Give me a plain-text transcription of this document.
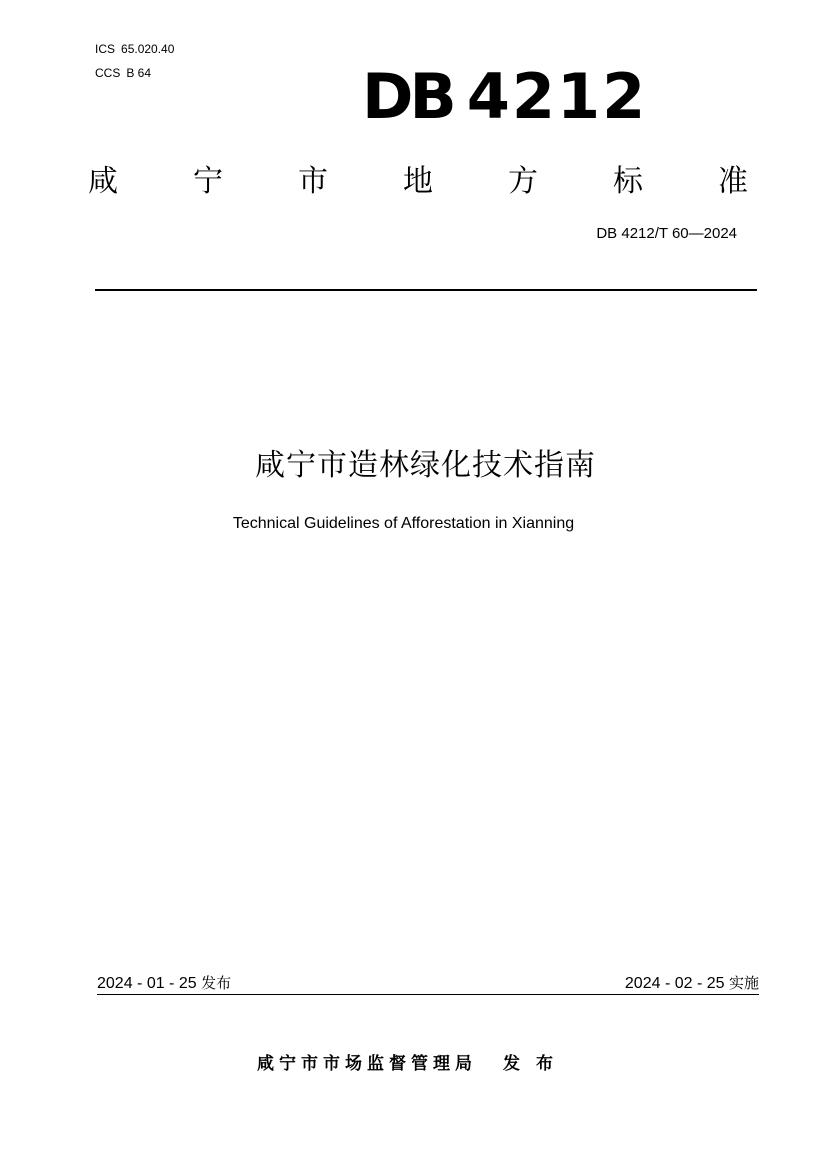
ICS 65.020.40
CCS B 64	DB 4212
咸	宁	市	地	方	标	准
DB 4212/T 60—2024
咸宁市造林绿化技术指南
Technical Guidelines of Afforestation in Xianning
2024 - 01 - 25 发布	2024 - 02 - 25 实施
咸宁市市场监督管理局 发 布
